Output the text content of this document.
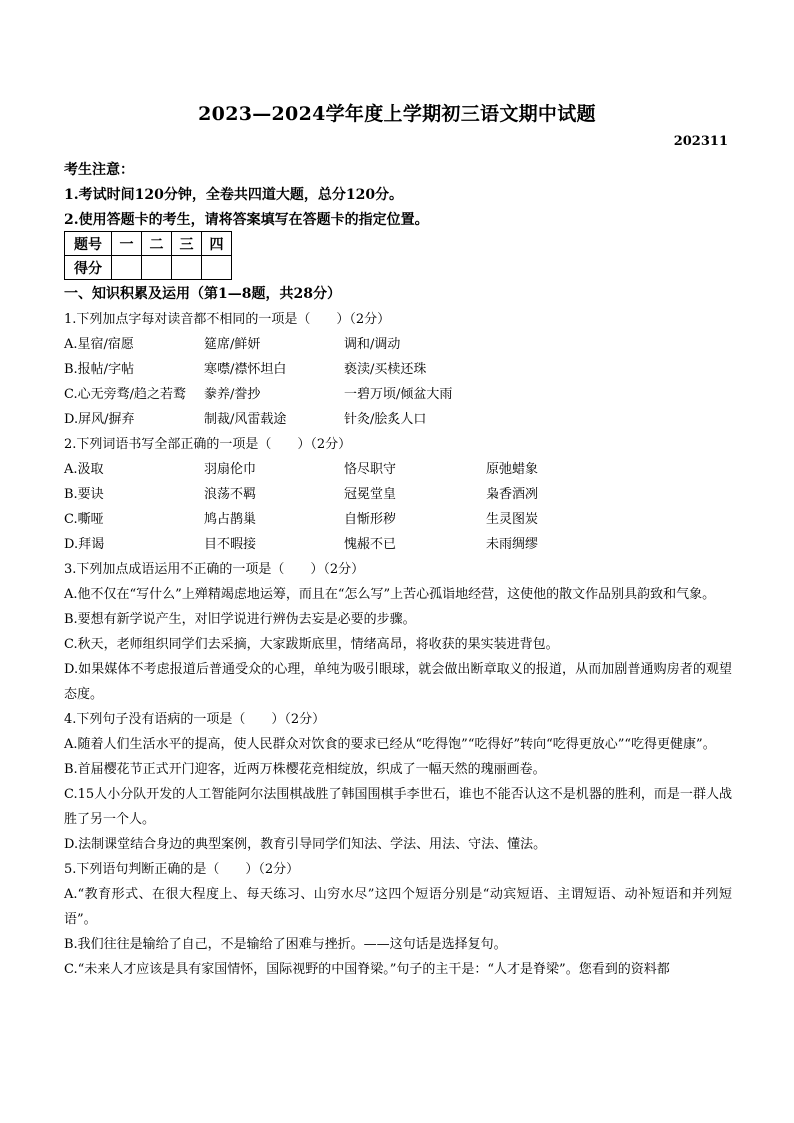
2023—2024学年度上学期初三语文期中试题
202311
考生注意：
1.考试时间120分钟，全卷共四道大题，总分120分。
2.使用答题卡的考生，请将答案填写在答题卡的指定位置。
题号	一	二	三	四
得分				
一、知识积累及运用（第1—8题，共28分）
1.下列加点字每对读音都不相同的一项是（　　）（2分）
A.星宿/宿愿	筵席/鲜妍	调和/调动
B.报帖/字帖	寒噤/襟怀坦白	亵渎/买椟还珠
C.心无旁骛/趋之若鹜	豢养/誊抄	一碧万顷/倾盆大雨
D.屏风/摒弃	制裁/风雷载途	针灸/脍炙人口
2.下列词语书写全部正确的一项是（　　）（2分）
A.汲取	羽扇伦巾	恪尽职守	原弛蜡象
B.要诀	浪荡不羁	冠冕堂皇	枭香酒冽
C.嘶哑	鸠占鹊巢	自惭形秽	生灵图炭
D.拜谒	目不暇接	愧赧不已	未雨绸缪
3.下列加点成语运用不正确的一项是（　　）（2分）
A.他不仅在“写什么”上殚精竭虑地运筹，而且在“怎么写”上苦心孤诣地经营，这使他的散文作品别具韵致和气象。
B.要想有新学说产生，对旧学说进行辨伪去妄是必要的步骤。
C.秋天，老师组织同学们去采摘，大家跋斯底里，情绪高昂，将收获的果实装进背包。
D.如果媒体不考虑报道后普通受众的心理，单纯为吸引眼球，就会做出断章取义的报道，从而加剧普通购房者的观望态度。
4.下列句子没有语病的一项是（　　）（2分）
A.随着人们生活水平的提高，使人民群众对饮食的要求已经从“吃得饱”“吃得好”转向“吃得更放心”“吃得更健康”。
B.首届樱花节正式开门迎客，近两万株樱花竞相绽放，织成了一幅天然的瑰丽画卷。
C.15人小分队开发的人工智能阿尔法围棋战胜了韩国围棋手李世石，谁也不能否认这不是机器的胜利，而是一群人战胜了另一个人。
D.法制课堂结合身边的典型案例，教育引导同学们知法、学法、用法、守法、懂法。
5.下列语句判断正确的是（　　）（2分）
A.“教育形式、在很大程度上、每天练习、山穷水尽”这四个短语分别是“动宾短语、主谓短语、动补短语和并列短语”。
B.我们往往是输给了自己，不是输给了困难与挫折。——这句话是选择复句。
C.“未来人才应该是具有家国情怀，国际视野的中国脊梁。”句子的主干是：“人才是脊梁”。您看到的资料都
